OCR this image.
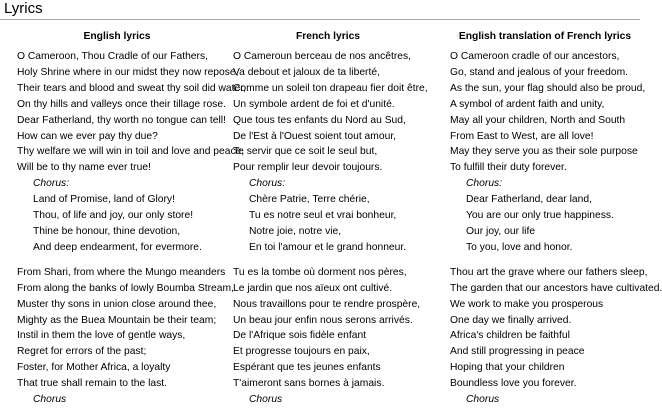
Lyrics
English lyrics
O Cameroon, Thou Cradle of our Fathers,
Holy Shrine where in our midst they now repose,
Their tears and blood and sweat thy soil did water,
On thy hills and valleys once their tillage rose.
Dear Fatherland, thy worth no tongue can tell!
How can we ever pay thy due?
Thy welfare we will win in toil and love and peace,
Will be to thy name ever true!
Chorus:
Land of Promise, land of Glory!
Thou, of life and joy, our only store!
Thine be honour, thine devotion,
And deep endearment, for evermore.
From Shari, from where the Mungo meanders
From along the banks of lowly Boumba Stream,
Muster thy sons in union close around thee,
Mighty as the Buea Mountain be their team;
Instil in them the love of gentle ways,
Regret for errors of the past;
Foster, for Mother Africa, a loyalty
That true shall remain to the last.
Chorus
French lyrics
O Cameroun berceau de nos ancêtres,
Va debout et jaloux de ta liberté,
Comme un soleil ton drapeau fier doit être,
Un symbole ardent de foi et d'unité.
Que tous tes enfants du Nord au Sud,
De l'Est à l'Ouest soient tout amour,
Te servir que ce soit le seul but,
Pour remplir leur devoir toujours.
Chorus:
Chère Patrie, Terre chérie,
Tu es notre seul et vrai bonheur,
Notre joie, notre vie,
En toi l'amour et le grand honneur.
Tu es la tombe où dorment nos pères,
Le jardin que nos aïeux ont cultivé.
Nous travaillons pour te rendre prospère,
Un beau jour enfin nous serons arrivés.
De l'Afrique sois fidèle enfant
Et progresse toujours en paix,
Espérant que tes jeunes enfants
T'aimeront sans bornes à jamais.
Chorus
English translation of French lyrics
O Cameroon cradle of our ancestors,
Go, stand and jealous of your freedom.
As the sun, your flag should also be proud,
A symbol of ardent faith and unity,
May all your children, North and South
From East to West, are all love!
May they serve you as their sole purpose
To fulfill their duty forever.
Chorus:
Dear Fatherland, dear land,
You are our only true happiness.
Our joy, our life
To you, love and honor.
Thou art the grave where our fathers sleep,
The garden that our ancestors have cultivated.
We work to make you prosperous
One day we finally arrived.
Africa's children be faithful
And still progressing in peace
Hoping that your children
Boundless love you forever.
Chorus
